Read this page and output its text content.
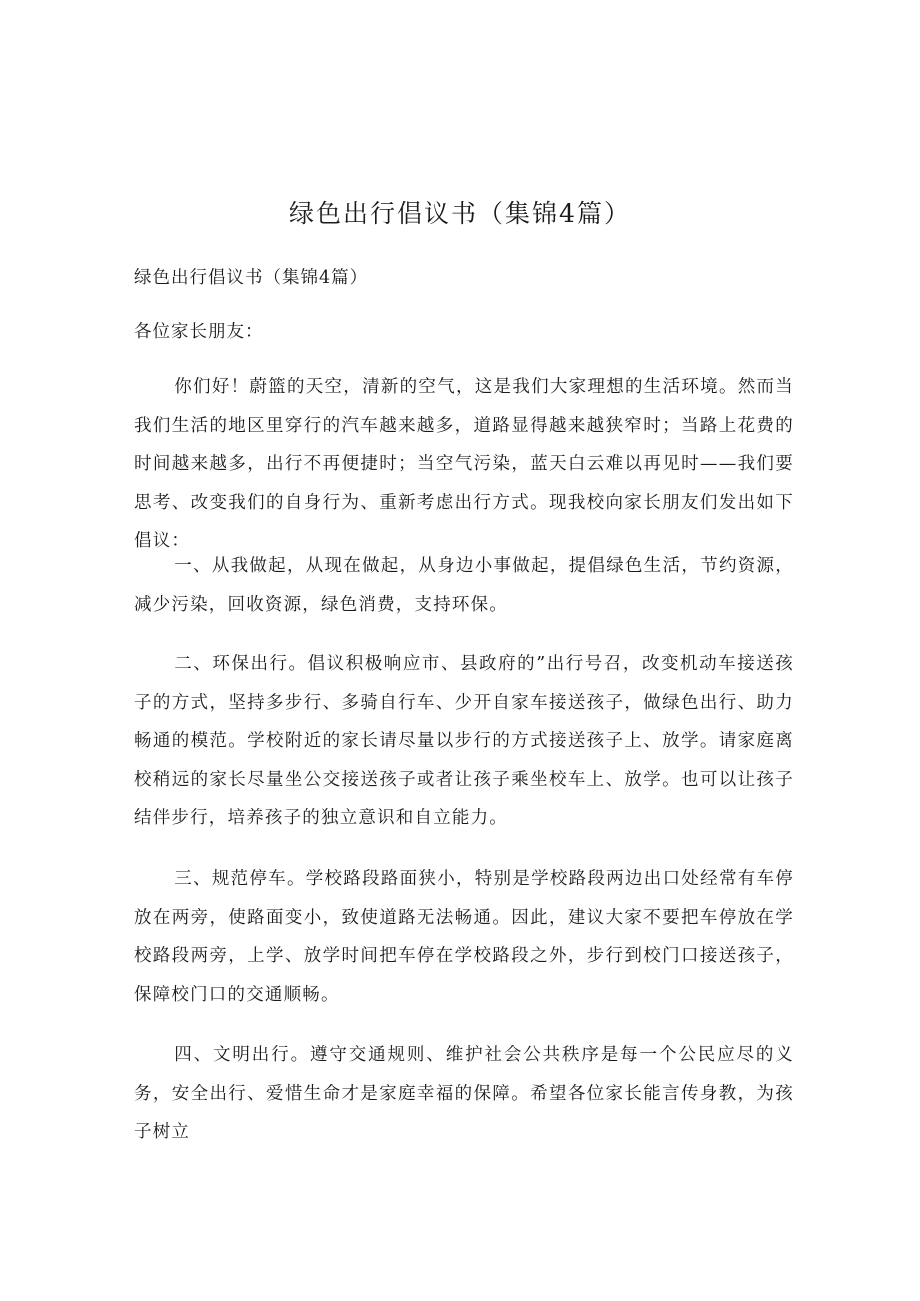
绿色出行倡议书（集锦4篇）

绿色出行倡议书（集锦4篇）

各位家长朋友：

你们好！蔚篮的天空，清新的空气，这是我们大家理想的生活环境。然而当我们生活的地区里穿行的汽车越来越多，道路显得越来越狭窄时；当路上花费的时间越来越多，出行不再便捷时；当空气污染，蓝天白云难以再见时——我们要思考、改变我们的自身行为、重新考虑出行方式。现我校向家长朋友们发出如下倡议：

一、从我做起，从现在做起，从身边小事做起，提倡绿色生活，节约资源，减少污染，回收资源，绿色消费，支持环保。

二、环保出行。倡议积极响应市、县政府的”出行号召，改变机动车接送孩子的方式，坚持多步行、多骑自行车、少开自家车接送孩子，做绿色出行、助力畅通的模范。学校附近的家长请尽量以步行的方式接送孩子上、放学。请家庭离校稍远的家长尽量坐公交接送孩子或者让孩子乘坐校车上、放学。也可以让孩子结伴步行，培养孩子的独立意识和自立能力。

三、规范停车。学校路段路面狭小，特别是学校路段两边出口处经常有车停放在两旁，使路面变小，致使道路无法畅通。因此，建议大家不要把车停放在学校路段两旁，上学、放学时间把车停在学校路段之外，步行到校门口接送孩子，保障校门口的交通顺畅。

四、文明出行。遵守交通规则、维护社会公共秩序是每一个公民应尽的义务，安全出行、爱惜生命才是家庭幸福的保障。希望各位家长能言传身教，为孩子树立
